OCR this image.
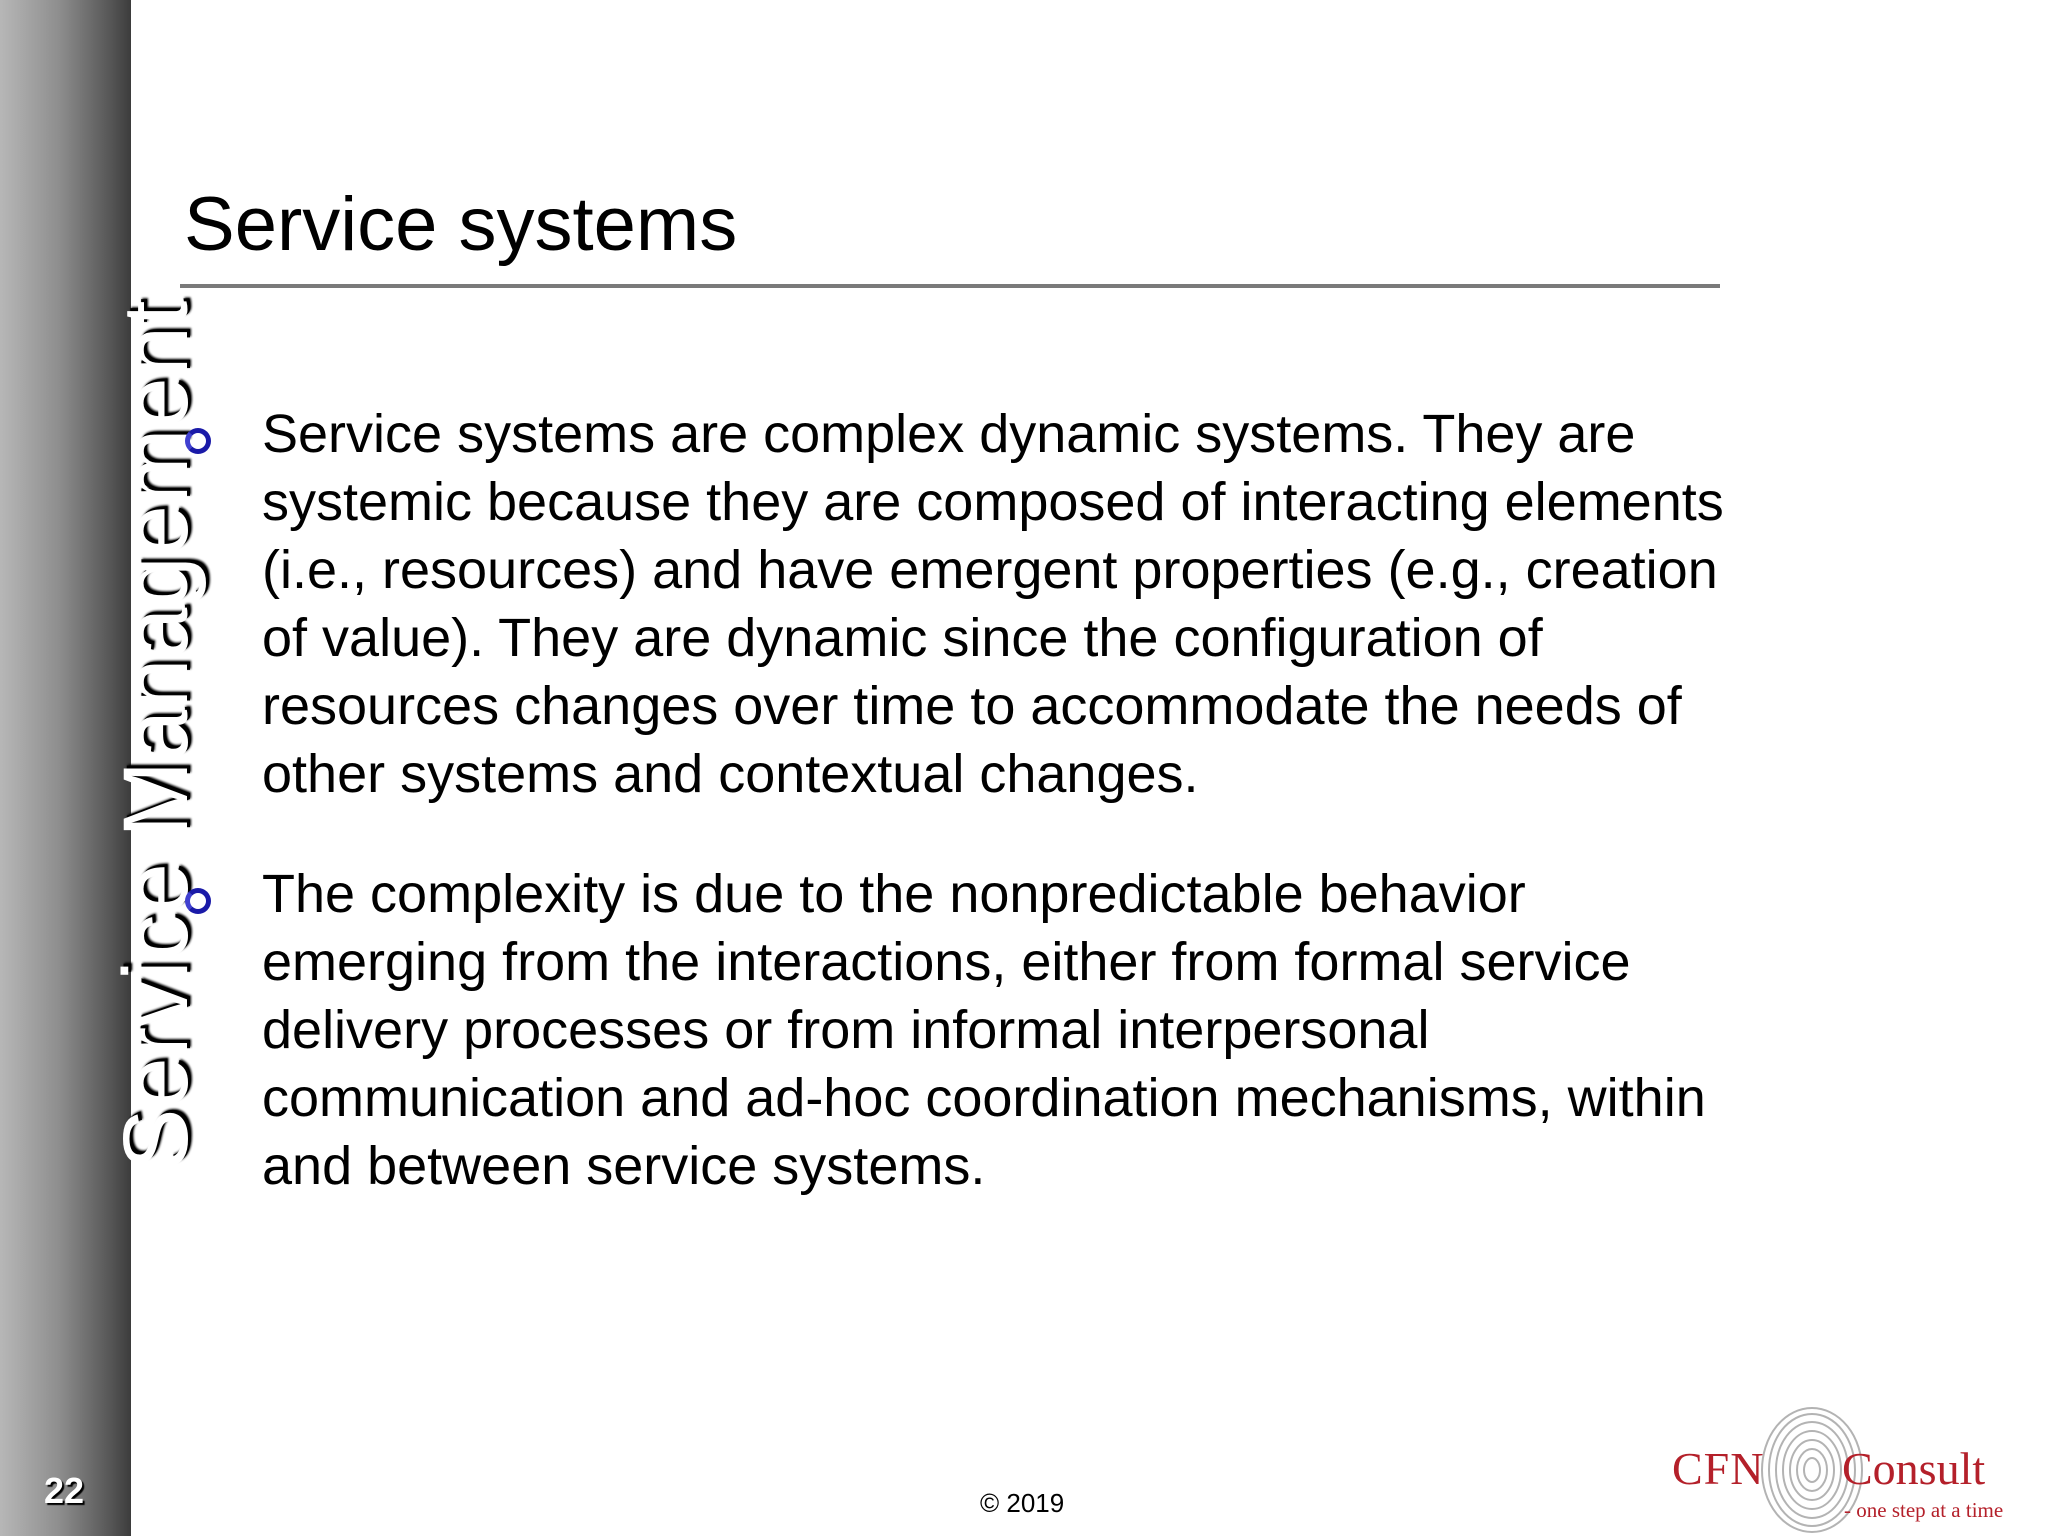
Service Management
22
Service systems
Service systems are complex dynamic systems. They are systemic because they are composed of interacting elements (i.e., resources) and have emergent properties (e.g., creation of value). They are dynamic since the configuration of resources changes over time to accommodate the needs of other systems and contextual changes.
The complexity is due to the nonpredictable behavior emerging from the interactions, either from formal service delivery processes or from informal interpersonal communication and ad-hoc coordination mechanisms, within and between service systems.
© 2019
CFN Consult
- one step at a time
